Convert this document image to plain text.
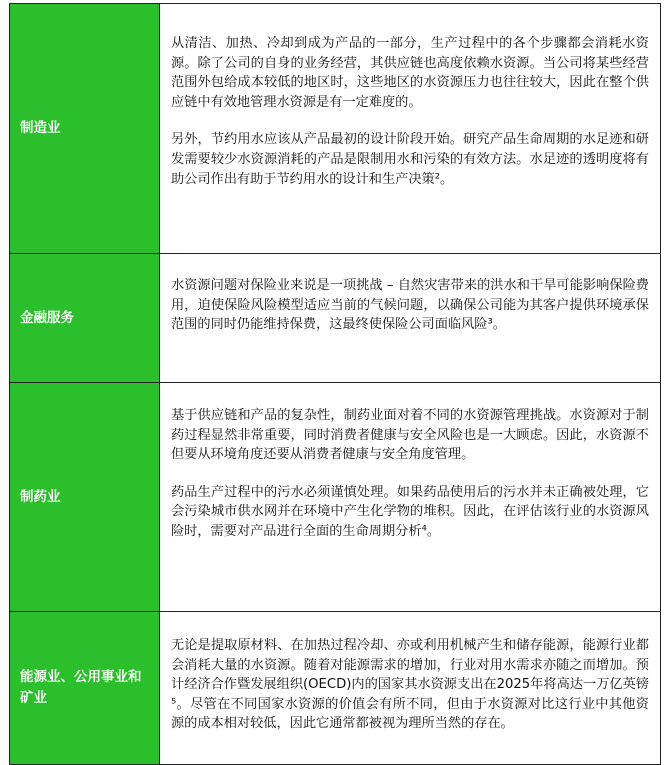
制造业

从清洁、加热、冷却到成为产品的一部分，生产过程中的各个步骤都会消耗水资源。除了公司的自身的业务经营，其供应链也高度依赖水资源。当公司将某些经营范围外包给成本较低的地区时，这些地区的水资源压力也往往较大，因此在整个供应链中有效地管理水资源是有一定难度的。

另外，节约用水应该从产品最初的设计阶段开始。研究产品生命周期的水足迹和研发需要较少水资源消耗的产品是限制用水和污染的有效方法。水足迹的透明度将有助公司作出有助于节约用水的设计和生产决策²。

金融服务

水资源问题对保险业来说是一项挑战 – 自然灾害带来的洪水和干旱可能影响保险费用，迫使保险风险模型适应当前的气候问题，以确保公司能为其客户提供环境承保范围的同时仍能维持保费，这最终使保险公司面临风险³。

制药业

基于供应链和产品的复杂性，制药业面对着不同的水资源管理挑战。水资源对于制药过程显然非常重要，同时消费者健康与安全风险也是一大顾虑。因此，水资源不但要从环境角度还要从消费者健康与安全角度管理。

药品生产过程中的污水必须谨慎处理。如果药品使用后的污水并未正确被处理，它会污染城市供水网并在环境中产生化学物的堆积。因此，在评估该行业的水资源风险时，需要对产品进行全面的生命周期分析⁴。

能源业、公用事业和矿业

无论是提取原材料、在加热过程冷却、亦或利用机械产生和储存能源，能源行业都会消耗大量的水资源。随着对能源需求的增加，行业对用水需求亦随之而增加。预计经济合作暨发展组织(OECD)内的国家其水资源支出在2025年将高达一万亿英镑⁵。尽管在不同国家水资源的价值会有所不同，但由于水资源对比这行业中其他资源的成本相对较低，因此它通常都被视为理所当然的存在。
